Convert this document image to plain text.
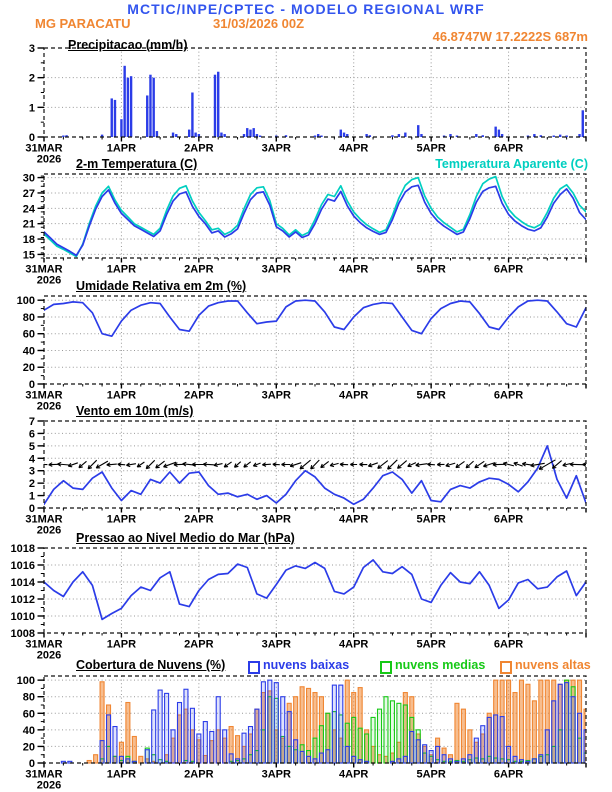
0
1
2
3
31MAR	1APR	2APR	3APR	4APR	5APR	6APR
2026
15
18
21
24
27
30
31MAR	1APR	2APR	3APR	4APR	5APR	6APR
2026
0
20
40
60
80
100
31MAR	1APR	2APR	3APR	4APR	5APR	6APR
2026
0
1
2
3
4
5
6
7
31MAR	1APR	2APR	3APR	4APR	5APR	6APR
2026
1008
1010
1012
1014
1016
1018
31MAR	1APR	2APR	3APR	4APR	5APR	6APR
2026
0
20
40
60
80
100
31MAR	1APR	2APR	3APR	4APR	5APR	6APR
2026
MCTIC/INPE/CPTEC - MODELO REGIONAL WRF
MG PARACATU	31/03/2026 00Z
46.8747W 17.2222S 687m
Precipitacao (mm/h)
2-m Temperatura (C)	Temperatura Aparente (C)
Umidade Relativa em 2m (%)
Vento em 10m (m/s)
Pressao ao Nivel Medio do Mar (hPa)
Cobertura de Nuvens (%)	nuvens baixas	nuvens medias nuvens altas
